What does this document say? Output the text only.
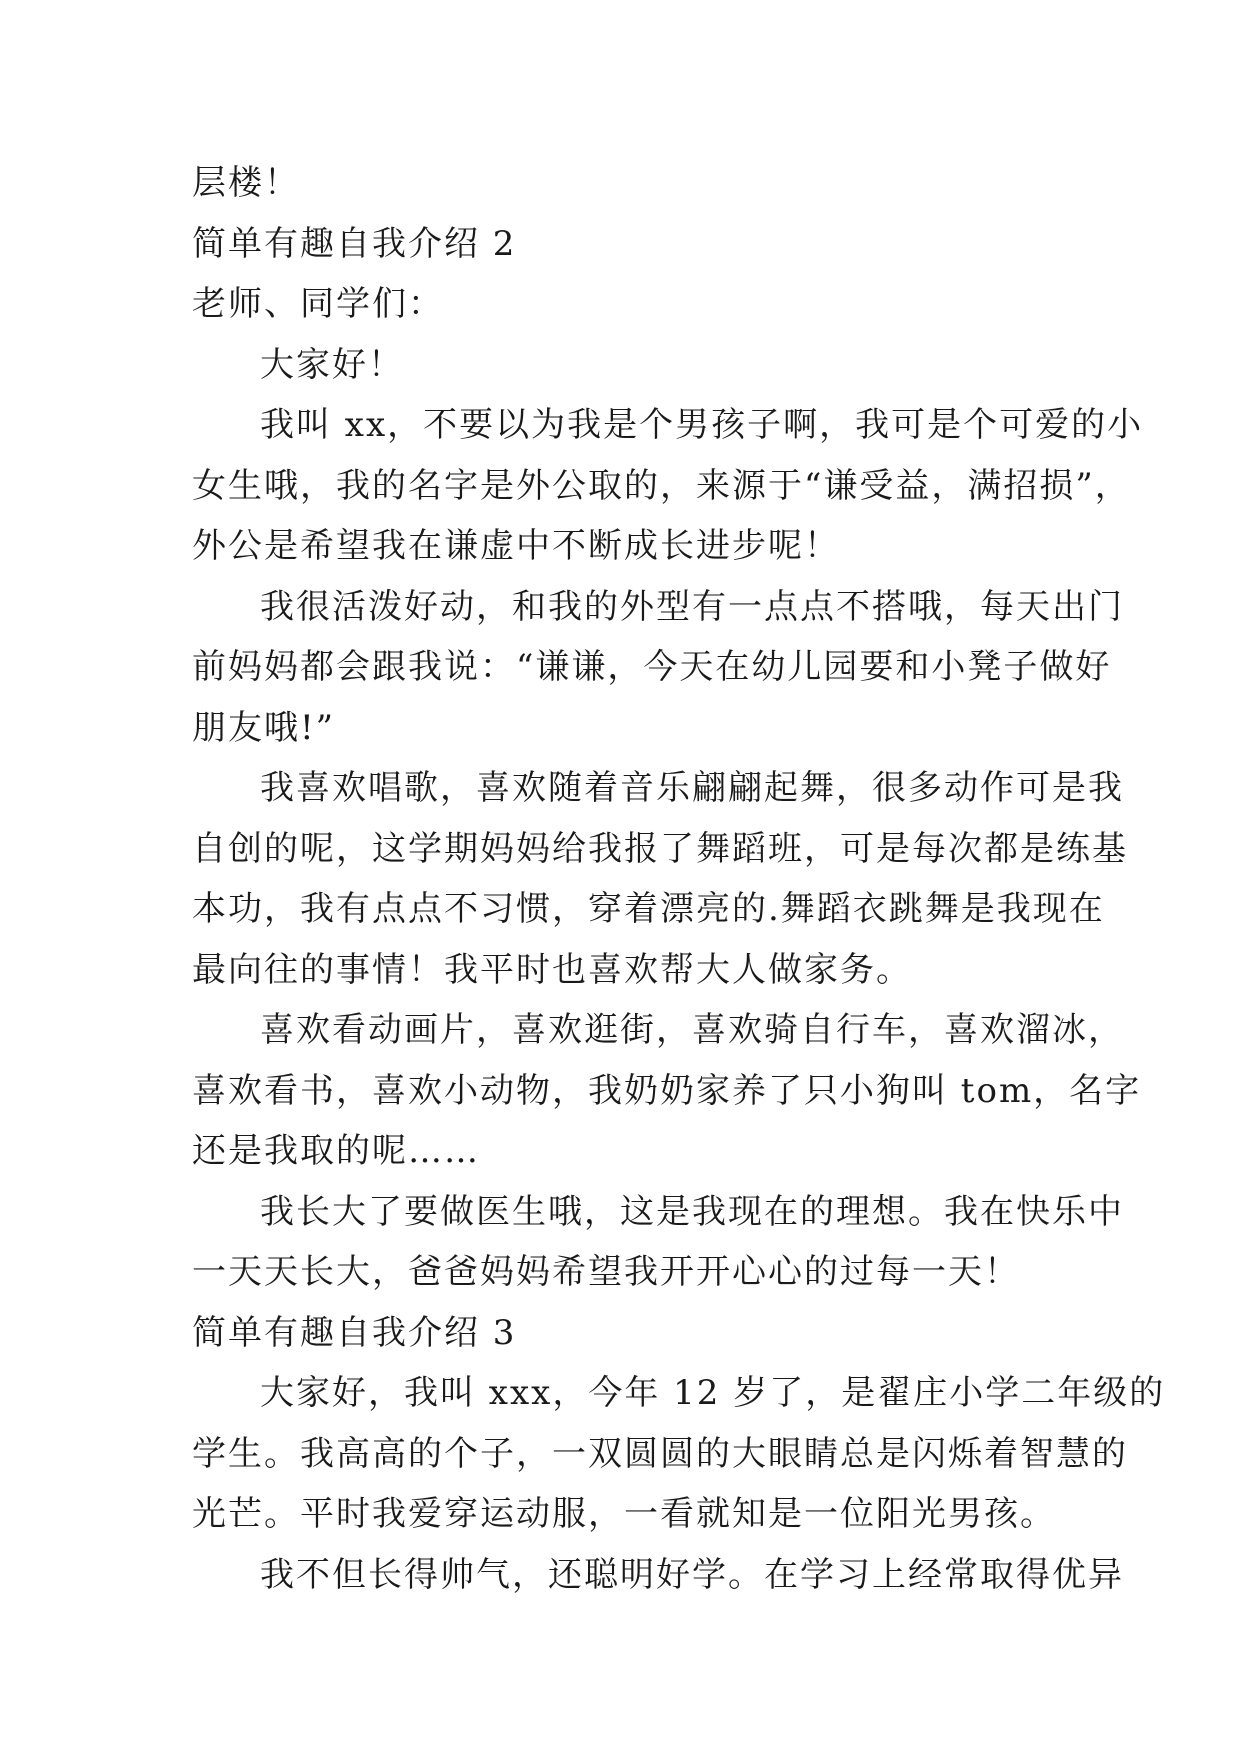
层楼！

简单有趣自我介绍 2

老师、同学们：

大家好！

我叫 xx，不要以为我是个男孩子啊，我可是个可爱的小

女生哦，我的名字是外公取的，来源于“谦受益，满招损”，

外公是希望我在谦虚中不断成长进步呢！

我很活泼好动，和我的外型有一点点不搭哦，每天出门

前妈妈都会跟我说：“谦谦，今天在幼儿园要和小凳子做好

朋友哦!”

我喜欢唱歌，喜欢随着音乐翩翩起舞，很多动作可是我

自创的呢，这学期妈妈给我报了舞蹈班，可是每次都是练基

本功，我有点点不习惯，穿着漂亮的.舞蹈衣跳舞是我现在

最向往的事情！我平时也喜欢帮大人做家务。

喜欢看动画片，喜欢逛街，喜欢骑自行车，喜欢溜冰，

喜欢看书，喜欢小动物，我奶奶家养了只小狗叫 tom，名字

还是我取的呢……

我长大了要做医生哦，这是我现在的理想。我在快乐中

一天天长大，爸爸妈妈希望我开开心心的过每一天！

简单有趣自我介绍 3

大家好，我叫 xxx，今年 12 岁了，是翟庄小学二年级的

学生。我高高的个子，一双圆圆的大眼睛总是闪烁着智慧的

光芒。平时我爱穿运动服，一看就知是一位阳光男孩。

我不但长得帅气，还聪明好学。在学习上经常取得优异
